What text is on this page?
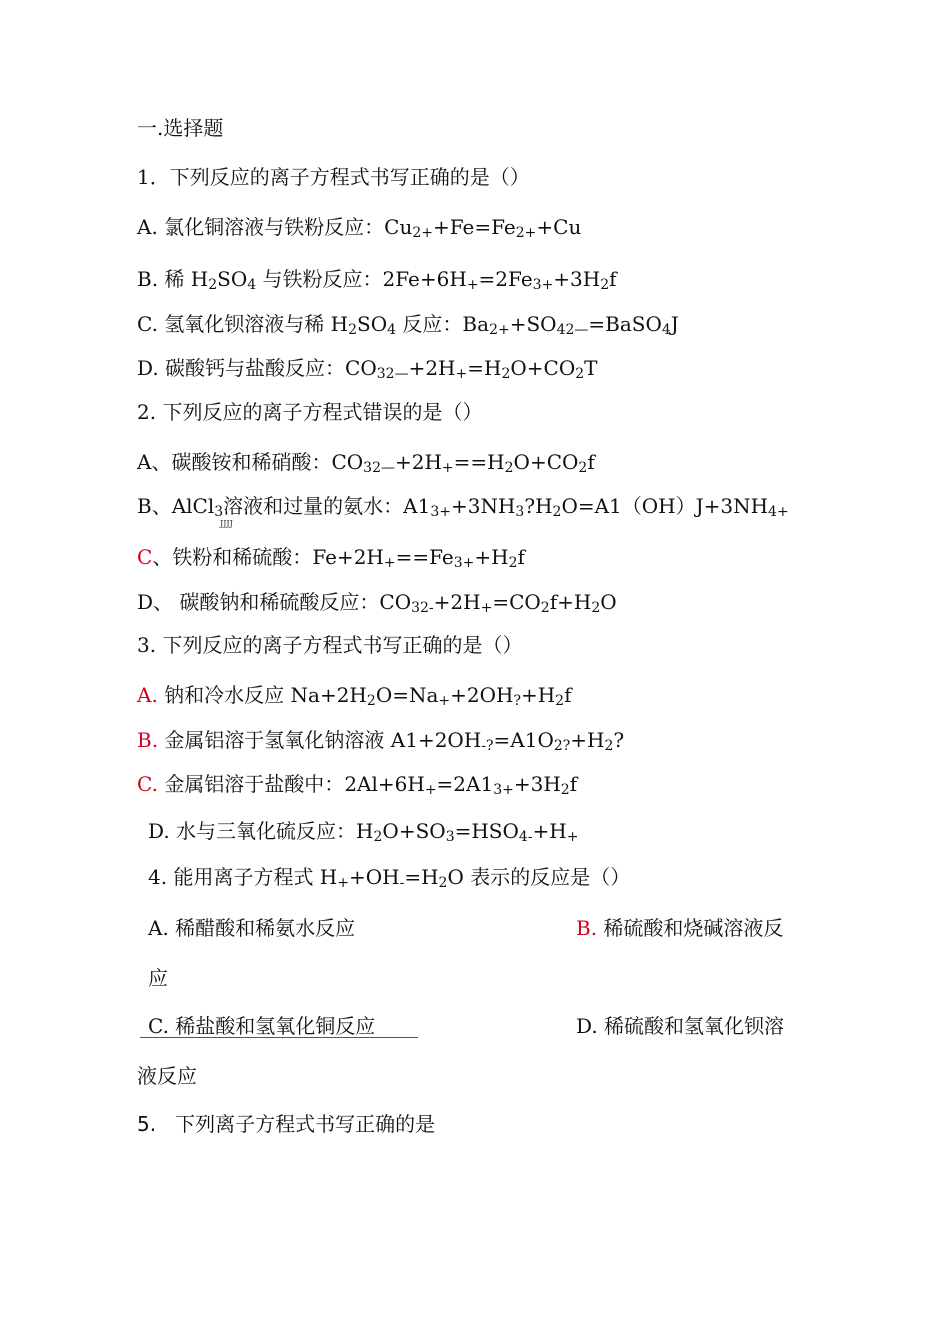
一.选择题
1．下列反应的离子方程式书写正确的是（）
A. 氯化铜溶液与铁粉反应：$Cu_{2+}+Fe=Fe_{2+}+Cu$
B. 稀 $H_2SO_4$ 与铁粉反应：$2Fe+6H_+=2Fe_{3+}+3H_2f$
C. 氢氧化钡溶液与稀 $H_2SO_4$ 反应：$Ba_{2+}+SO_{42—}=BaSO_4J$
D. 碳酸钙与盐酸反应：$CO_{32—}+2H_+=H_2O+CO_2T$
2. 下列反应的离子方程式错误的是（）
A、碳酸铵和稀硝酸：$CO_{32—}+2H_+==H_2O+CO_2f$
B、AlCl$_3$溶液和过量的氨水：$A1_{3+}+3NH_3?H_2O=A1(OH)J+3NH_{4+}$
JJJJ
C、铁粉和稀硫酸：$Fe+2H_+==Fe_{3+}+H_2f$
D、 碳酸钠和稀硫酸反应：$CO_{32-}+2H_+=CO_2f+H_2O$
3. 下列反应的离子方程式书写正确的是（）
A. 钠和冷水反应 $Na+2H_2O=Na_++2OH_?+H_2f$
B. 金属铝溶于氢氧化钠溶液 $A1+2OH_{-?}=A1O_{2?}+H_2$?
C. 金属铝溶于盐酸中：$2Al+6H_+=2A1_{3+}+3H_2f$
D. 水与三氧化硫反应：$H_2O+SO_3=HSO_{4-}+H_+$
4. 能用离子方程式 $H_++OH_-=H_2O$ 表示的反应是（）
A. 稀醋酸和稀氨水反应	B. 稀硫酸和烧碱溶液反
应
C. 稀盐酸和氢氧化铜反应	D. 稀硫酸和氢氧化钡溶
液反应
5. 下列离子方程式书写正确的是
